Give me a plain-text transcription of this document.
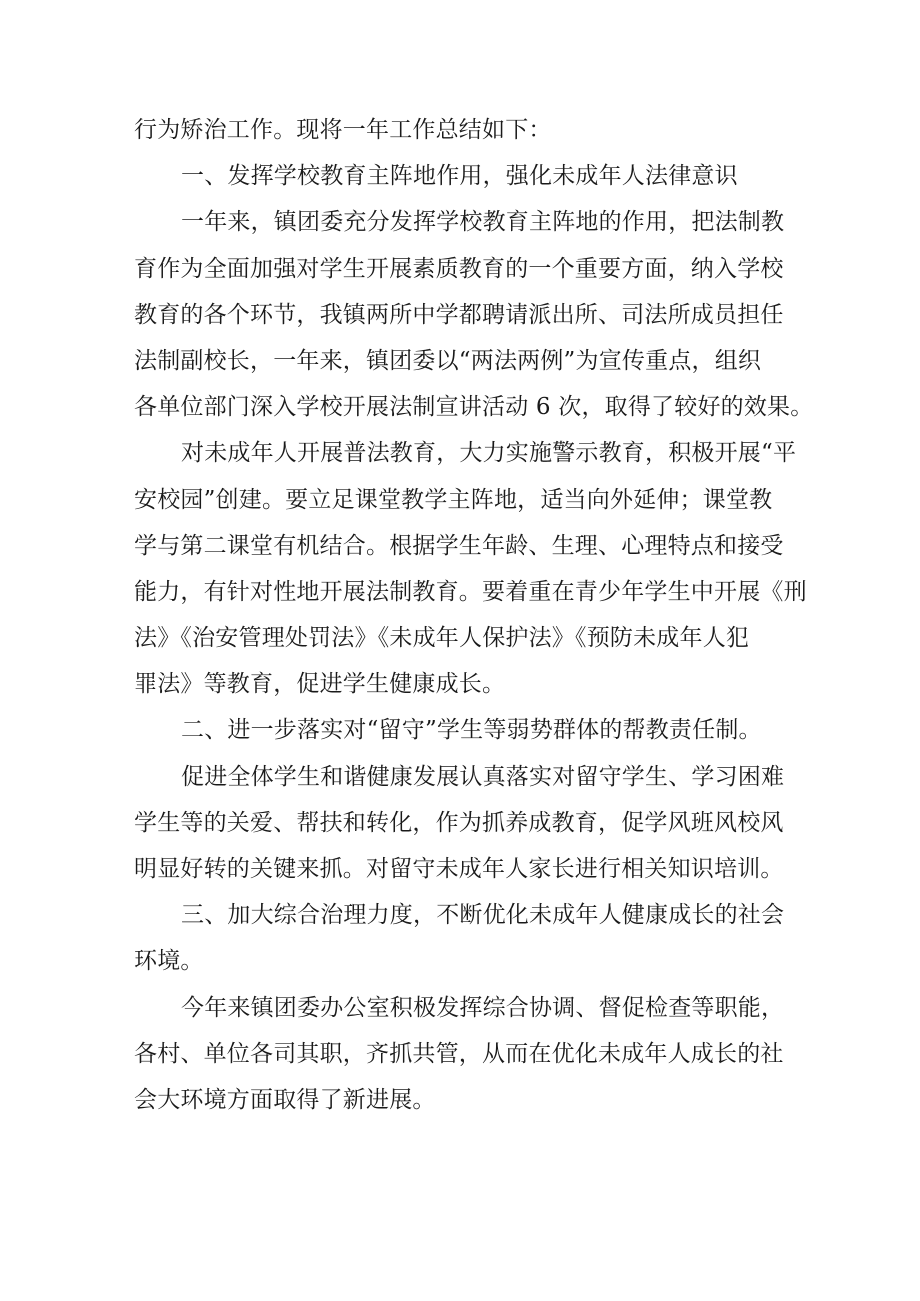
行为矫治工作。现将一年工作总结如下：
一、发挥学校教育主阵地作用，强化未成年人法律意识
一年来，镇团委充分发挥学校教育主阵地的作用，把法制教
育作为全面加强对学生开展素质教育的一个重要方面，纳入学校
教育的各个环节，我镇两所中学都聘请派出所、司法所成员担任
法制副校长，一年来，镇团委以“两法两例”为宣传重点，组织
各单位部门深入学校开展法制宣讲活动 6 次，取得了较好的效果。
对未成年人开展普法教育，大力实施警示教育，积极开展“平
安校园”创建。要立足课堂教学主阵地，适当向外延伸；课堂教
学与第二课堂有机结合。根据学生年龄、生理、心理特点和接受
能力，有针对性地开展法制教育。要着重在青少年学生中开展《刑
法》《治安管理处罚法》《未成年人保护法》《预防未成年人犯
罪法》等教育，促进学生健康成长。
二、进一步落实对“留守”学生等弱势群体的帮教责任制。
促进全体学生和谐健康发展认真落实对留守学生、学习困难
学生等的关爱、帮扶和转化，作为抓养成教育，促学风班风校风
明显好转的关键来抓。对留守未成年人家长进行相关知识培训。
三、加大综合治理力度，不断优化未成年人健康成长的社会
环境。
今年来镇团委办公室积极发挥综合协调、督促检查等职能，
各村、单位各司其职，齐抓共管，从而在优化未成年人成长的社
会大环境方面取得了新进展。
